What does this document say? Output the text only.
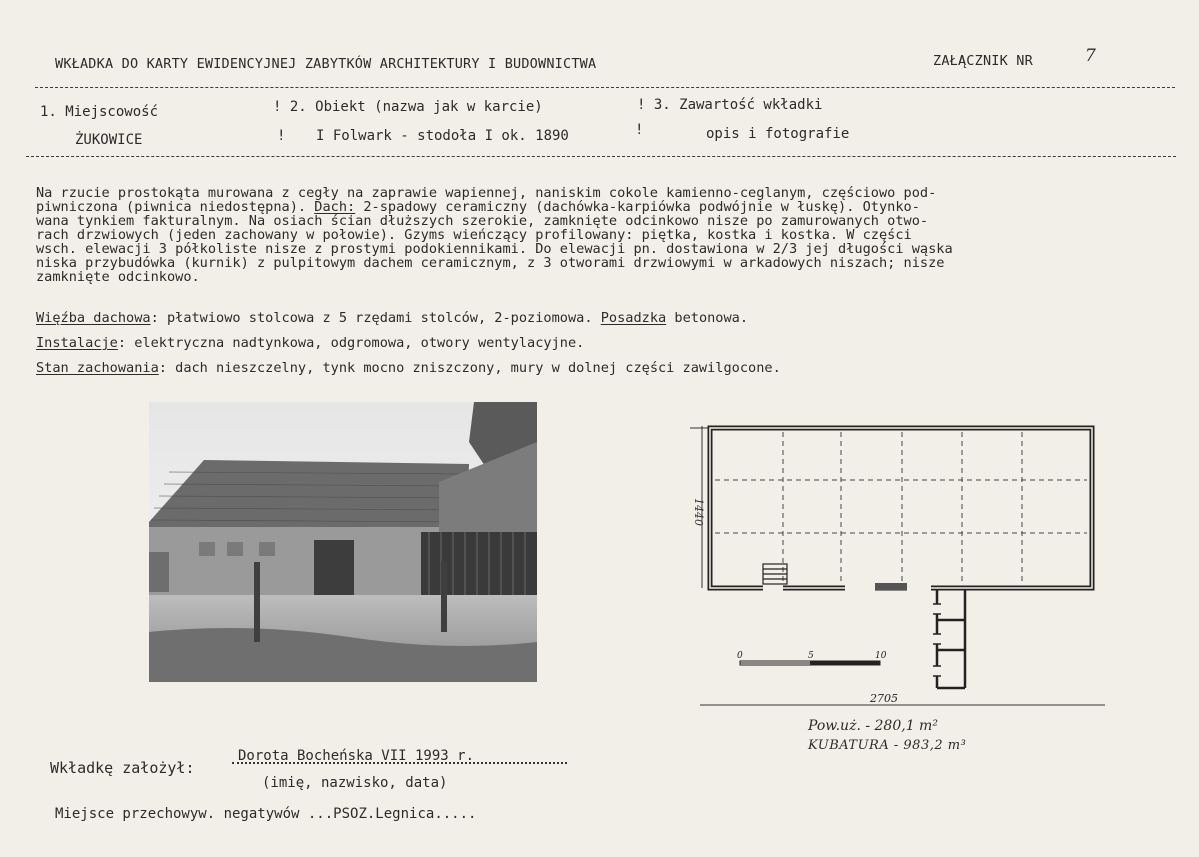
WKŁADKA DO KARTY EWIDENCYJNEJ ZABYTKÓW ARCHITEKTURY I BUDOWNICTWA	ZAŁĄCZNIK NR	7
1. Miejscowość	! 2. Obiekt (nazwa jak w karcie)	! 3. Zawartość wkładki
ŻUKOWICE	! I Folwark - stodoła I ok. 1890	!	opis i fotografie
Na rzucie prostokąta murowana z cegły na zaprawie wapiennej, naniskim cokole kamienno-ceglanym, częściowo pod-
piwniczona (piwnica niedostępna). Dach: 2-spadowy ceramiczny (dachówka-karpiówka podwójnie w łuskę). Otynko-
wana tynkiem fakturalnym. Na osiach ścian dłuższych szerokie, zamknięte odcinkowo nisze po zamurowanych otwo-
rach drzwiowych (jeden zachowany w połowie). Gzyms wieńczący profilowany: piętka, kostka i kostka. W części
wsch. elewacji 3 półkoliste nisze z prostymi podokiennikami. Do elewacji pn. dostawiona w 2/3 jej długości wąska
niska przybudówka (kurnik) z pulpitowym dachem ceramicznym, z 3 otworami drzwiowymi w arkadowych niszach; nisze
zamknięte odcinkowo.
Więźba dachowa: płatwiowo stolcowa z 5 rzędami stolców, 2-poziomowa. Posadzka betonowa.
Instalacje: elektryczna nadtynkowa, odgromowa, otwory wentylacyjne.
Stan zachowania: dach nieszczelny, tynk mocno zniszczony, mury w dolnej części zawilgocone.
1440
0	5	10
2705
Pow.uż. - 280,1 m²
KUBATURA - 983,2 m³
Wkładkę założył:
Dorota Bocheńska VII 1993 r.
(imię, nazwisko, data)
Miejsce przechowyw. negatywów ...PSOZ.Legnica.....
